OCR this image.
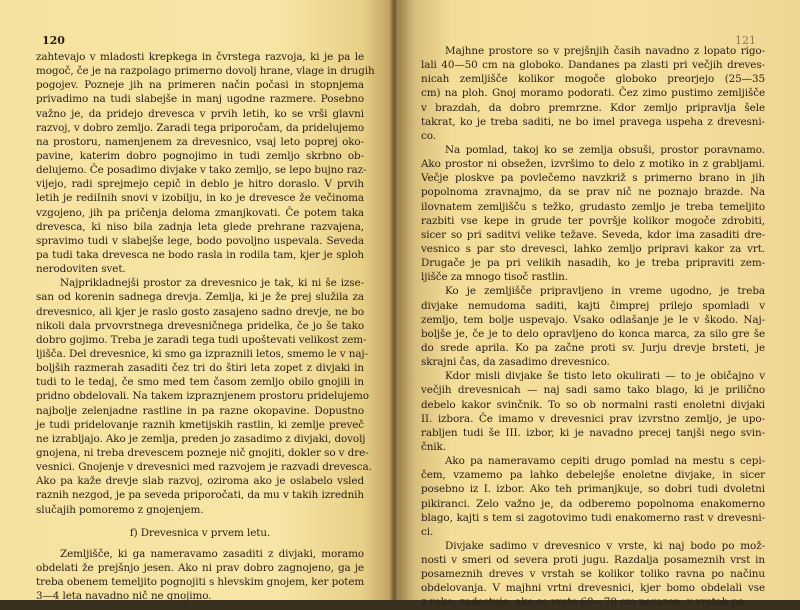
120
zahtevajo v mladosti krepkega in čvrstega razvoja, ki je pa le
mogoč, če je na razpolago primerno dovolj hrane, vlage in drugih
pogojev. Pozneje jih na primeren način počasi in stopnjema
privadimo na tudi slabejše in manj ugodne razmere. Posebno
važno je, da pridejo drevesca v prvih letih, ko se vrši glavni
razvoj, v dobro zemljo. Zaradi tega priporočam, da pridelujemo
na prostoru, namenjenem za drevesnico, vsaj leto poprej oko-
pavine, katerim dobro pognojimo in tudi zemljo skrbno ob-
delujemo. Če posadimo divjake v tako zemljo, se lepo bujno raz-
vijejo, radi sprejmejo cepič in deblo je hitro doraslo. V prvih
letih je rediInih snovi v izobilju, in ko je drevesce že večinoma
vzgojeno, jih pa pričenja deloma zmanjkovati. Če potem taka
drevesca, ki niso bila zadnja leta glede prehrane razvajena,
spravimo tudi v slabejše lege, bodo povoljno uspevala. Seveda
pa tudi taka drevesca ne bodo rasla in rodila tam, kjer je sploh
nerodoviten svet.
Najprikladnejši prostor za drevesnico je tak, ki ni še izse-
san od korenin sadnega drevja. Zemlja, ki je že prej služila za
drevesnico, ali kjer je raslo gosto zasajeno sadno drevje, ne bo
nikoli dala prvovrstnega drevesničnega pridelka, če jo še tako
dobro gojimo. Treba je zaradi tega tudi upoštevati velikost zem-
ljišča. Del drevesnice, ki smo ga izpraznili letos, smemo le v naj-
boljših razmerah zasaditi čez tri do štiri leta zopet z divjaki in
tudi to le tedaj, če smo med tem časom zemljo obilo gnojili in
pridno obdelovali. Na takem izpraznjenem prostoru pridelujemo
najbolje zelenjadne rastline in pa razne okopavine. Dopustno
je tudi pridelovanje raznih kmetijskih rastlin, ki zemlje preveč
ne izrabljajo. Ako je zemlja, preden jo zasadimo z divjaki, dovolj
gnojena, ni treba drevescem pozneje nič gnojiti, dokler so v dre-
vesnici. Gnojenje v drevesnici med razvojem je razvadi drevesca.
Ako pa kaže drevje slab razvoj, oziroma ako je oslabelo vsled
raznih nezgod, je pa seveda priporočati, da mu v takih izrednih
slučajih pomoremo z gnojenjem.
f) Drevesnica v prvem letu.
Zemljišče, ki ga nameravamo zasaditi z divjaki, moramo
obdelati že prejšnjo jesen. Ako ni prav dobro zagnojeno, ga je
treba obenem temeljito pognojiti s hlevskim gnojem, ker potem
3—4 leta navadno nič ne gnojimo.
121
Majhne prostore so v prejšnjih časih navadno z lopato rigo-
lali 40—50 cm na globoko. Dandanes pa zlasti pri večjih dreves-
nicah zemljišče kolikor mogoče globoko preorjejo (25—35
cm) na ploh. Gnoj moramo podorati. Čez zimo pustimo zemljišče
v brazdah, da dobro premrzne. Kdor zemljo pripravlja šele
takrat, ko je treba saditi, ne bo imel pravega uspeha z drevesni-
co.
Na pomlad, takoj ko se zemlja obsuši, prostor poravnamo.
Ako prostor ni obsežen, izvršimo to delo z motiko in z grabljami.
Večje ploskve pa povlečemo navzkriž s primerno brano in jih
popolnoma zravnajmo, da se prav nič ne poznajo brazde. Na
ilovnatem zemljišču s težko, grudasto zemljo je treba temeljito
razbiti vse kepe in grude ter površje kolikor mogoče zdrobiti,
sicer so pri saditvi velike težave. Seveda, kdor ima zasaditi dre-
vesnico s par sto drevesci, lahko zemljo pripravi kakor za vrt.
Drugače je pa pri velikih nasadih, ko je treba pripraviti zem-
ljišče za mnogo tisoč rastlin.
Ko je zemljišče pripravljeno in vreme ugodno, je treba
divjake nemudoma saditi, kajti čimprej prilejo spomladi v
zemljo, tem bolje uspevajo. Vsako odlašanje je le v škodo. Naj-
boljše je, če je to delo opravljeno do konca marca, za silo gre še
do srede aprila. Ko pa začne proti sv. Jurju drevje brsteti, je
skrajni čas, da zasadimo drevesnico.
Kdor misli divjake še tisto leto okulirati — to je običajno v
večjih drevesnicah — naj sadi samo tako blago, ki je prilično
debelo kakor svinčnik. To so ob normalni rasti enoletni divjaki
II. izbora. Če imamo v drevesnici prav izvrstno zemljo, je upo-
rabljen tudi še III. izbor, ki je navadno precej tanjši nego svin-
čnik.
Ako pa nameravamo cepiti drugo pomlad na mestu s cepi-
čem, vzamemo pa lahko debelejše enoletne divjake, in sicer
posebno iz I. izbor. Ako teh primanjkuje, so dobri tudi dvoletni
pikiranci. Zelo važno je, da odberemo popolnoma enakomerno
blago, kajti s tem si zagotovimo tudi enakomerno rast v drevesni-
ci.
Divjake sadimo v drevesnico v vrste, ki naj bodo po mož-
nosti v smeri od severa proti jugu. Razdalja posameznih vrst in
posameznih dreves v vrstah se kolikor toliko ravna po načinu
obdelovanja. V majhni vrtni drevesnici, kjer bomo obdelali vse
z roko, zadostuje, ako so vrste 60—70 cm narazen, v vrstah pa
